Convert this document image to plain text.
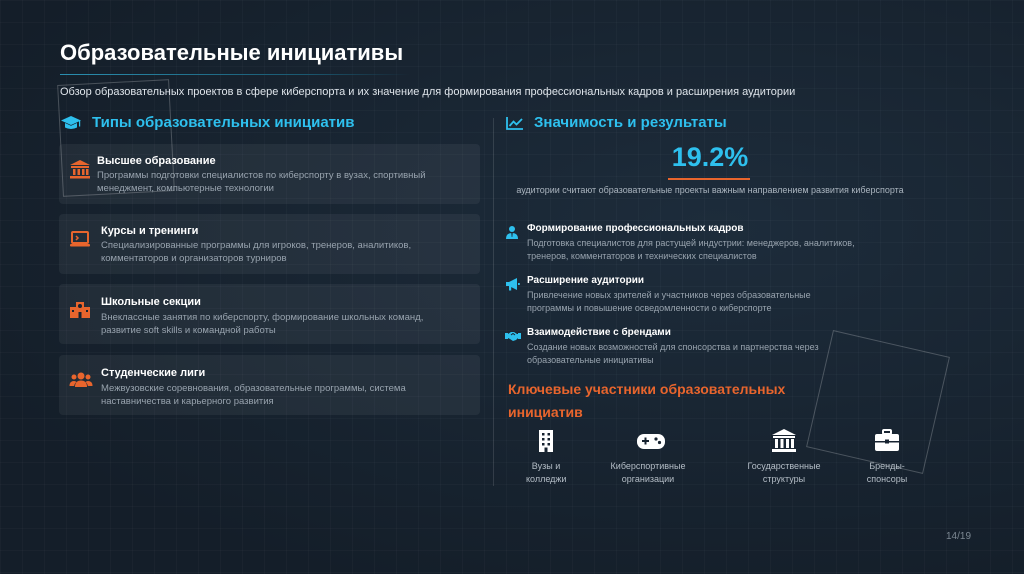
Образовательные инициативы
Обзор образовательных проектов в сфере киберспорта и их значение для формирования профессиональных кадров и расширения аудитории
Типы образовательных инициатив
Высшее образование
Программы подготовки специалистов по киберспорту в вузах, спортивный менеджмент, компьютерные технологии
Курсы и тренинги
Специализированные программы для игроков, тренеров, аналитиков, комментаторов и организаторов турниров
Школьные секции
Внеклассные занятия по киберспорту, формирование школьных команд, развитие soft skills и командной работы
Студенческие лиги
Межвузовские соревнования, образовательные программы, система наставничества и карьерного развития
Значимость и результаты
19.2%
аудитории считают образовательные проекты важным направлением развития киберспорта
Формирование профессиональных кадров
Подготовка специалистов для растущей индустрии: менеджеров, аналитиков, тренеров, комментаторов и технических специалистов
Расширение аудитории
Привлечение новых зрителей и участников через образовательные программы и повышение осведомленности о киберспорте
Взаимодействие с брендами
Создание новых возможностей для спонсорства и партнерства через образовательные инициативы
Ключевые участники образовательных инициатив
Вузы и колледжи
Киберспортивные организации
Государственные структуры
Бренды-спонсоры
14/19
